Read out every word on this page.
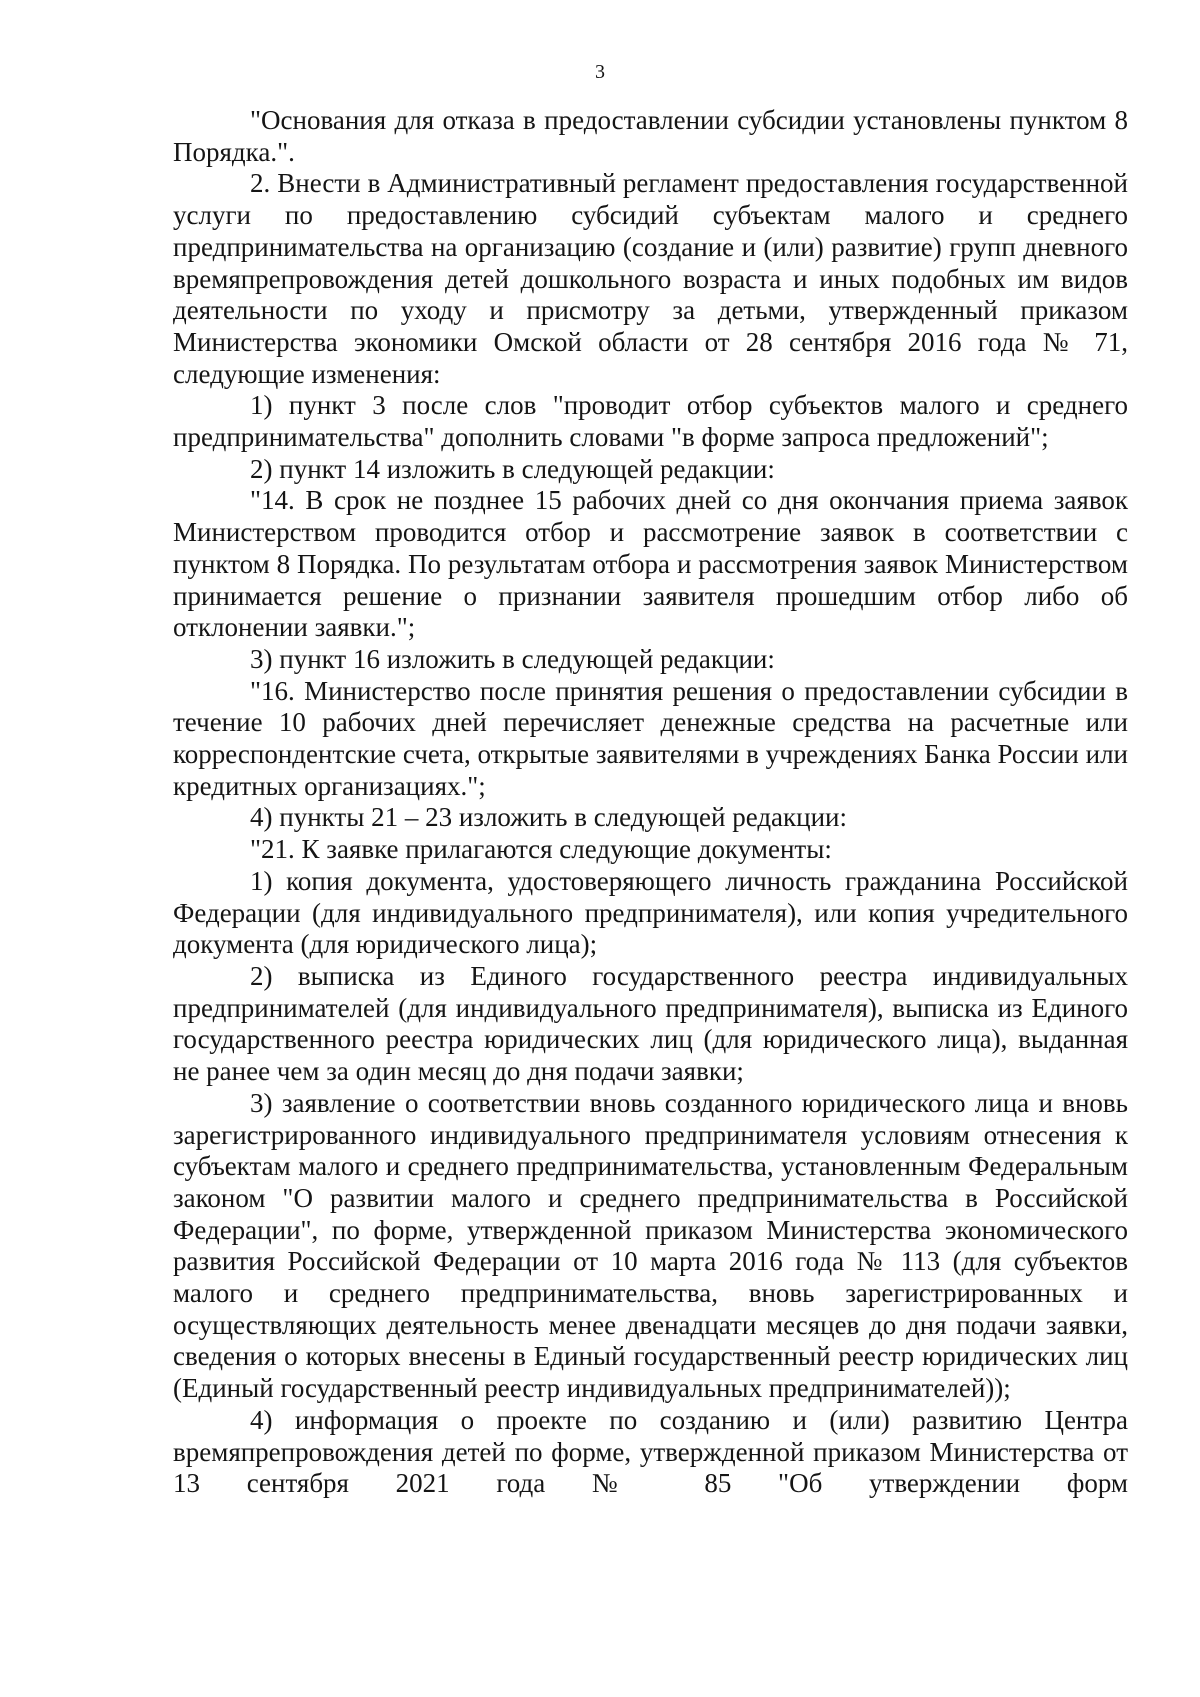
3

"Основания для отказа в предоставлении субсидии установлены пунктом 8 Порядка.".

2. Внести в Административный регламент предоставления государственной услуги по предоставлению субсидий субъектам малого и среднего предпринимательства на организацию (создание и (или) развитие) групп дневного времяпрепровождения детей дошкольного возраста и иных подобных им видов деятельности по уходу и присмотру за детьми, утвержденный приказом Министерства экономики Омской области от 28 сентября 2016 года № 71, следующие изменения:

1) пункт 3 после слов "проводит отбор субъектов малого и среднего предпринимательства" дополнить словами "в форме запроса предложений";

2) пункт 14 изложить в следующей редакции:

"14. В срок не позднее 15 рабочих дней со дня окончания приема заявок Министерством проводится отбор и рассмотрение заявок в соответствии с пунктом 8 Порядка. По результатам отбора и рассмотрения заявок Министерством принимается решение о признании заявителя прошедшим отбор либо об отклонении заявки.";

3) пункт 16 изложить в следующей редакции:

"16. Министерство после принятия решения о предоставлении субсидии в течение 10 рабочих дней перечисляет денежные средства на расчетные или корреспондентские счета, открытые заявителями в учреждениях Банка России или кредитных организациях.";

4) пункты 21 – 23 изложить в следующей редакции:

"21. К заявке прилагаются следующие документы:

1) копия документа, удостоверяющего личность гражданина Российской Федерации (для индивидуального предпринимателя), или копия учредительного документа (для юридического лица);

2) выписка из Единого государственного реестра индивидуальных предпринимателей (для индивидуального предпринимателя), выписка из Единого государственного реестра юридических лиц (для юридического лица), выданная не ранее чем за один месяц до дня подачи заявки;

3) заявление о соответствии вновь созданного юридического лица и вновь зарегистрированного индивидуального предпринимателя условиям отнесения к субъектам малого и среднего предпринимательства, установленным Федеральным законом "О развитии малого и среднего предпринимательства в Российской Федерации", по форме, утвержденной приказом Министерства экономического развития Российской Федерации от 10 марта 2016 года № 113 (для субъектов малого и среднего предпринимательства, вновь зарегистрированных и осуществляющих деятельность менее двенадцати месяцев до дня подачи заявки, сведения о которых внесены в Единый государственный реестр юридических лиц (Единый государственный реестр индивидуальных предпринимателей));

4) информация о проекте по созданию и (или) развитию Центра времяпрепровождения детей по форме, утвержденной приказом Министерства от 13 сентября 2021 года № 85 "Об утверждении форм
